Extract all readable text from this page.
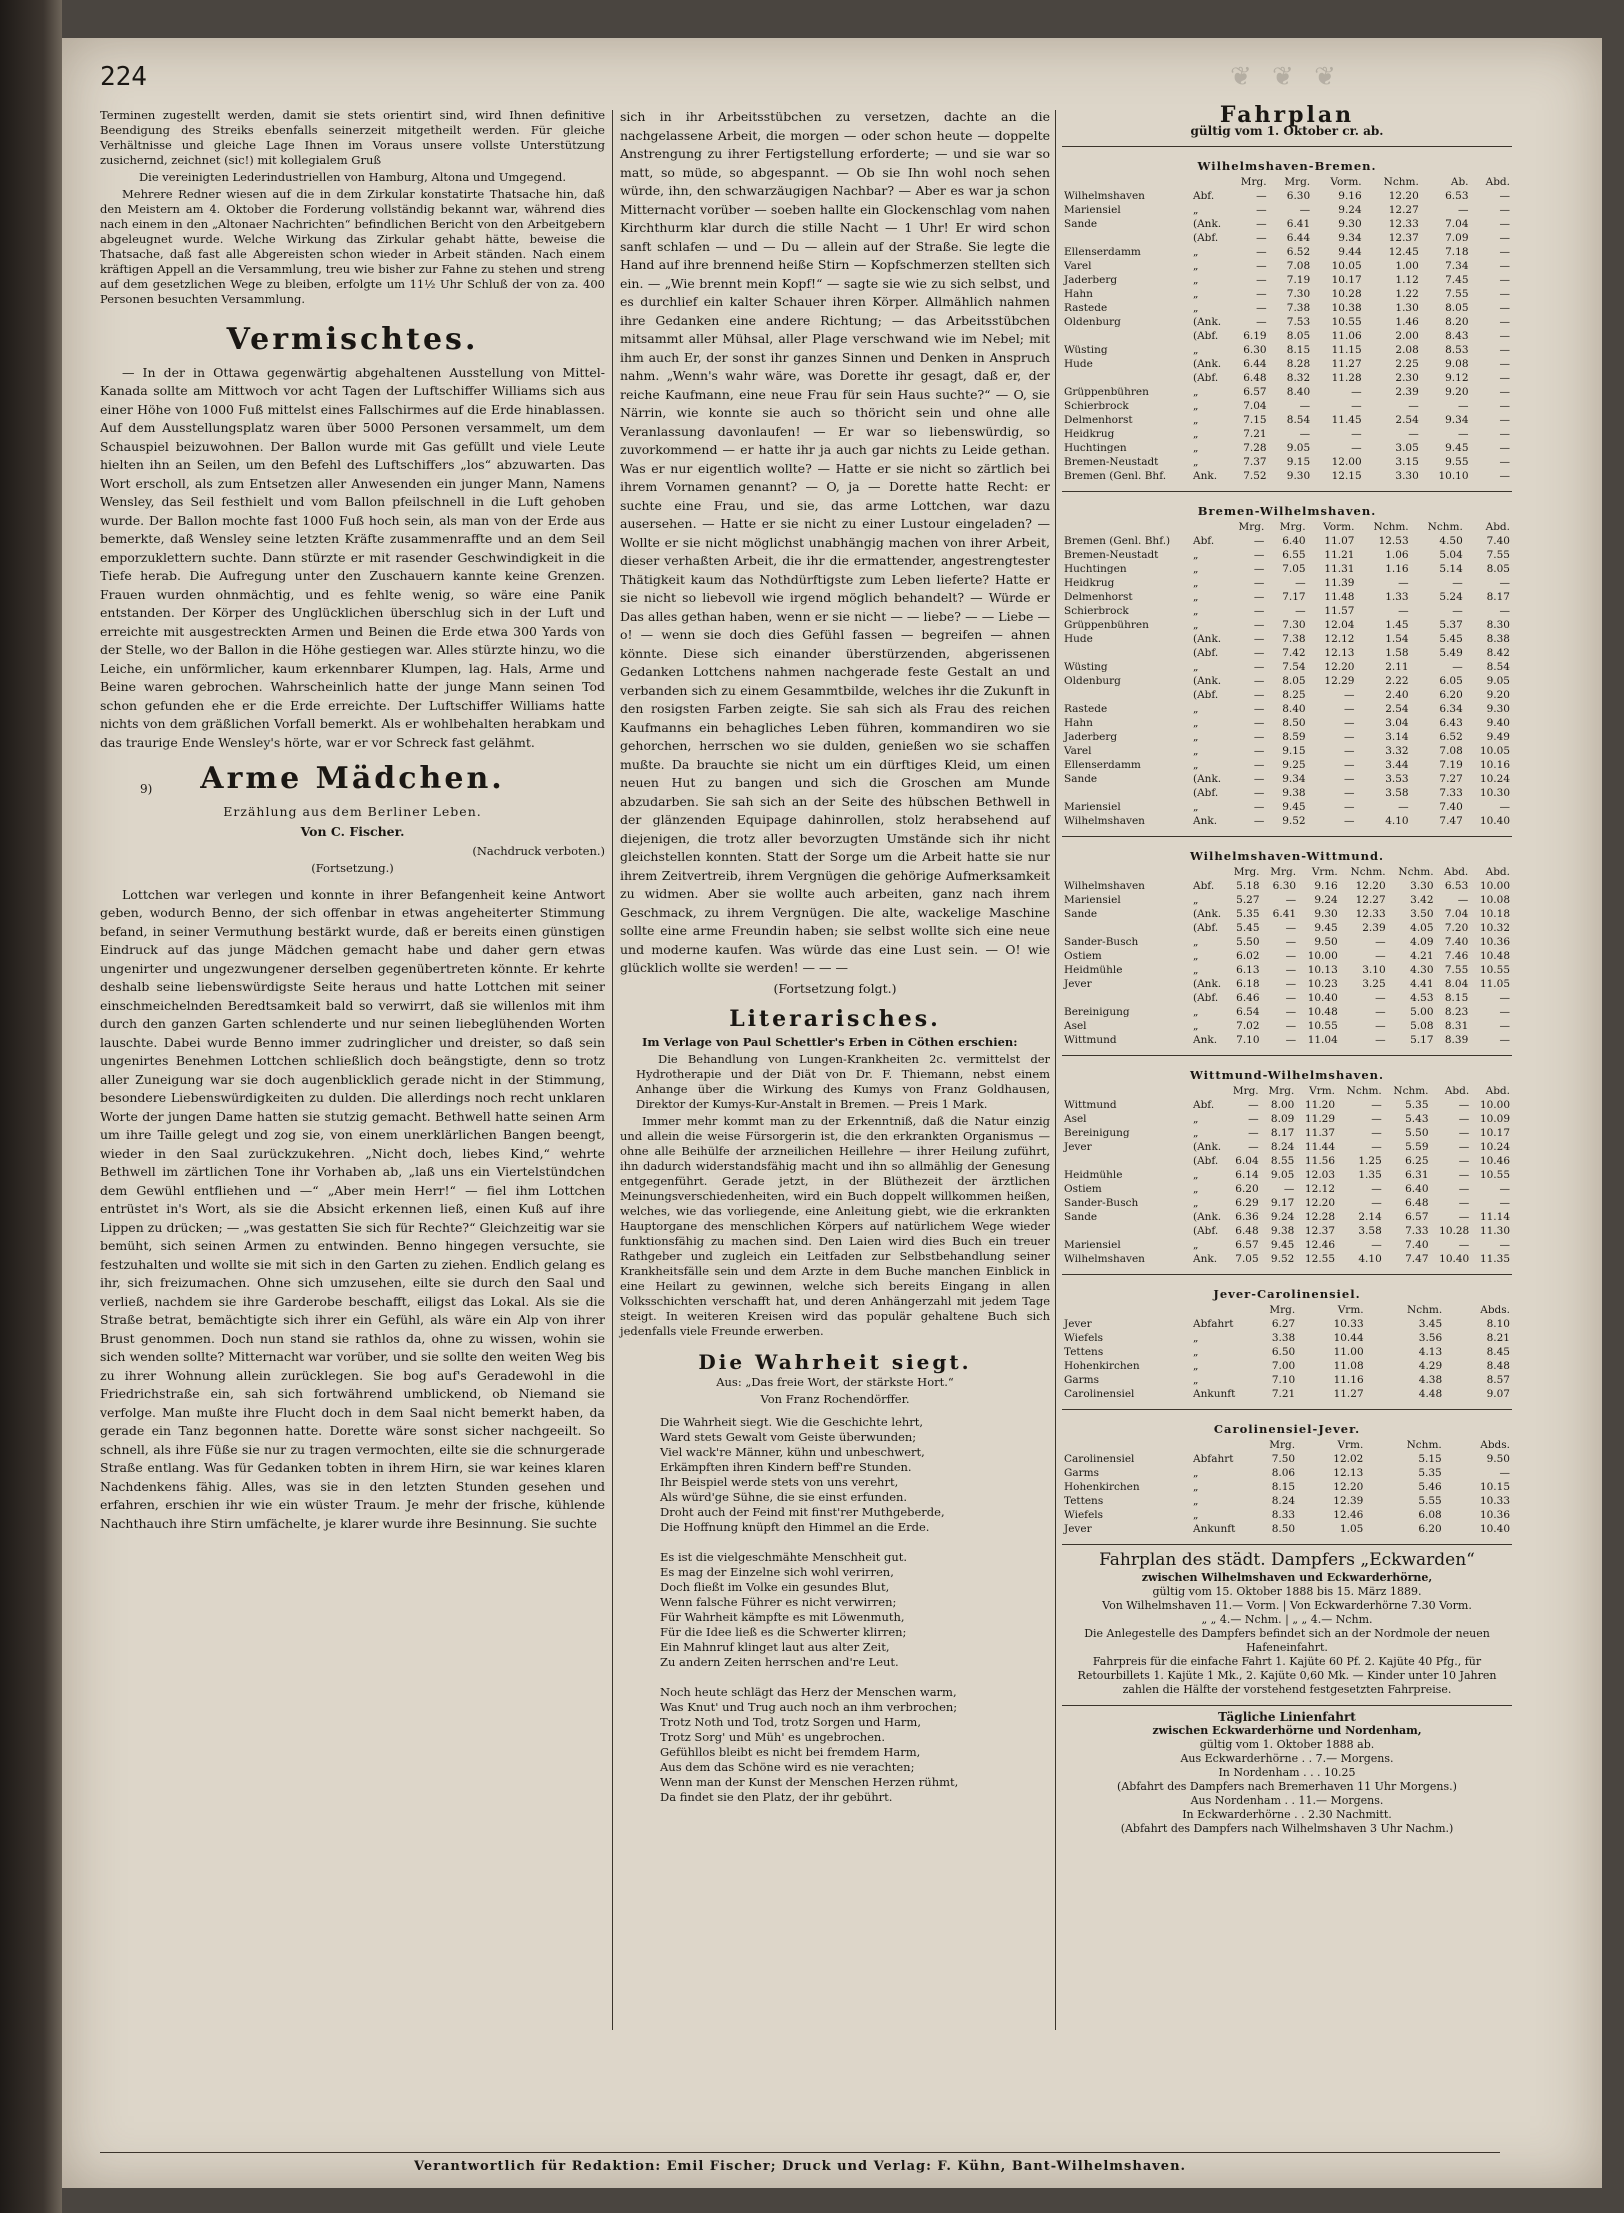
❦ ❦ ❦
224

Terminen zugestellt werden, damit sie stets orientirt sind, wird Ihnen definitive Beendigung des Streiks ebenfalls seinerzeit mitgetheilt werden. Für gleiche Verhältnisse und gleiche Lage Ihnen im Voraus unsere vollste Unterstützung zusichernd, zeichnet (sic!) mit kollegialem Gruß

Die vereinigten Lederindustriellen von Hamburg, Altona und Umgegend.

Mehrere Redner wiesen auf die in dem Zirkular konstatirte Thatsache hin, daß den Meistern am 4. Oktober die Forderung vollständig bekannt war, während dies nach einem in den „Altonaer Nachrichten“ befindlichen Bericht von den Arbeitgebern abgeleugnet wurde. Welche Wirkung das Zirkular gehabt hätte, beweise die Thatsache, daß fast alle Abgereisten schon wieder in Arbeit ständen. Nach einem kräftigen Appell an die Versammlung, treu wie bisher zur Fahne zu stehen und streng auf dem gesetzlichen Wege zu bleiben, erfolgte um 11½ Uhr Schluß der von za. 400 Personen besuchten Versammlung.

Vermischtes.

— In der in Ottawa gegenwärtig abgehaltenen Ausstellung von Mittel-Kanada sollte am Mittwoch vor acht Tagen der Luftschiffer Williams sich aus einer Höhe von 1000 Fuß mittelst eines Fallschirmes auf die Erde hinablassen. Auf dem Ausstellungsplatz waren über 5000 Personen versammelt, um dem Schauspiel beizuwohnen. Der Ballon wurde mit Gas gefüllt und viele Leute hielten ihn an Seilen, um den Befehl des Luftschiffers „los“ abzuwarten. Das Wort erscholl, als zum Entsetzen aller Anwesenden ein junger Mann, Namens Wensley, das Seil festhielt und vom Ballon pfeilschnell in die Luft gehoben wurde. Der Ballon mochte fast 1000 Fuß hoch sein, als man von der Erde aus bemerkte, daß Wensley seine letzten Kräfte zusammenraffte und an dem Seil emporzuklettern suchte. Dann stürzte er mit rasender Geschwindigkeit in die Tiefe herab. Die Aufregung unter den Zuschauern kannte keine Grenzen. Frauen wurden ohnmächtig, und es fehlte wenig, so wäre eine Panik entstanden. Der Körper des Unglücklichen überschlug sich in der Luft und erreichte mit ausgestreckten Armen und Beinen die Erde etwa 300 Yards von der Stelle, wo der Ballon in die Höhe gestiegen war. Alles stürzte hinzu, wo die Leiche, ein unförmlicher, kaum erkennbarer Klumpen, lag. Hals, Arme und Beine waren gebrochen. Wahrscheinlich hatte der junge Mann seinen Tod schon gefunden ehe er die Erde erreichte. Der Luftschiffer Williams hatte nichts von dem gräßlichen Vorfall bemerkt. Als er wohlbehalten herabkam und das traurige Ende Wensley's hörte, war er vor Schreck fast gelähmt.

9)	Arme Mädchen.

Erzählung aus dem Berliner Leben.

Von C. Fischer.

(Nachdruck verboten.)

(Fortsetzung.)

Lottchen war verlegen und konnte in ihrer Befangenheit keine Antwort geben, wodurch Benno, der sich offenbar in etwas angeheiterter Stimmung befand, in seiner Vermuthung bestärkt wurde, daß er bereits einen günstigen Eindruck auf das junge Mädchen gemacht habe und daher gern etwas ungenirter und ungezwungener derselben gegenübertreten könnte. Er kehrte deshalb seine liebenswürdigste Seite heraus und hatte Lottchen mit seiner einschmeichelnden Beredtsamkeit bald so verwirrt, daß sie willenlos mit ihm durch den ganzen Garten schlenderte und nur seinen liebeglühenden Worten lauschte. Dabei wurde Benno immer zudringlicher und dreister, so daß sein ungenirtes Benehmen Lottchen schließlich doch beängstigte, denn so trotz aller Zuneigung war sie doch augenblicklich gerade nicht in der Stimmung, besondere Liebenswürdigkeiten zu dulden. Die allerdings noch recht unklaren Worte der jungen Dame hatten sie stutzig gemacht. Bethwell hatte seinen Arm um ihre Taille gelegt und zog sie, von einem unerklärlichen Bangen beengt, wieder in den Saal zurückzukehren. „Nicht doch, liebes Kind,“ wehrte Bethwell im zärtlichen Tone ihr Vorhaben ab, „laß uns ein Viertelstündchen dem Gewühl entfliehen und —“ „Aber mein Herr!“ — fiel ihm Lottchen entrüstet in's Wort, als sie die Absicht erkennen ließ, einen Kuß auf ihre Lippen zu drücken; — „was gestatten Sie sich für Rechte?“ Gleichzeitig war sie bemüht, sich seinen Armen zu entwinden. Benno hingegen versuchte, sie festzuhalten und wollte sie mit sich in den Garten zu ziehen. Endlich gelang es ihr, sich freizumachen. Ohne sich umzusehen, eilte sie durch den Saal und verließ, nachdem sie ihre Garderobe beschafft, eiligst das Lokal. Als sie die Straße betrat, bemächtigte sich ihrer ein Gefühl, als wäre ein Alp von ihrer Brust genommen. Doch nun stand sie rathlos da, ohne zu wissen, wohin sie sich wenden sollte? Mitternacht war vorüber, und sie sollte den weiten Weg bis zu ihrer Wohnung allein zurücklegen. Sie bog auf's Geradewohl in die Friedrichstraße ein, sah sich fortwährend umblickend, ob Niemand sie verfolge. Man mußte ihre Flucht doch in dem Saal nicht bemerkt haben, da gerade ein Tanz begonnen hatte. Dorette wäre sonst sicher nachgeeilt. So schnell, als ihre Füße sie nur zu tragen vermochten, eilte sie die schnurgerade Straße entlang. Was für Gedanken tobten in ihrem Hirn, sie war keines klaren Nachdenkens fähig. Alles, was sie in den letzten Stunden gesehen und erfahren, erschien ihr wie ein wüster Traum. Je mehr der frische, kühlende Nachthauch ihre Stirn umfächelte, je klarer wurde ihre Besinnung. Sie suchte

sich in ihr Arbeitsstübchen zu versetzen, dachte an die nachgelassene Arbeit, die morgen — oder schon heute — doppelte Anstrengung zu ihrer Fertigstellung erforderte; — und sie war so matt, so müde, so abgespannt. — Ob sie Ihn wohl noch sehen würde, ihn, den schwarzäugigen Nachbar? — Aber es war ja schon Mitternacht vorüber — soeben hallte ein Glockenschlag vom nahen Kirchthurm klar durch die stille Nacht — 1 Uhr! Er wird schon sanft schlafen — und — Du — allein auf der Straße. Sie legte die Hand auf ihre brennend heiße Stirn — Kopfschmerzen stellten sich ein. — „Wie brennt mein Kopf!“ — sagte sie wie zu sich selbst, und es durchlief ein kalter Schauer ihren Körper. Allmählich nahmen ihre Gedanken eine andere Richtung; — das Arbeitsstübchen mitsammt aller Mühsal, aller Plage verschwand wie im Nebel; mit ihm auch Er, der sonst ihr ganzes Sinnen und Denken in Anspruch nahm. „Wenn's wahr wäre, was Dorette ihr gesagt, daß er, der reiche Kaufmann, eine neue Frau für sein Haus suchte?“ — O, sie Närrin, wie konnte sie auch so thöricht sein und ohne alle Veranlassung davonlaufen! — Er war so liebenswürdig, so zuvorkommend — er hatte ihr ja auch gar nichts zu Leide gethan. Was er nur eigentlich wollte? — Hatte er sie nicht so zärtlich bei ihrem Vornamen genannt? — O, ja — Dorette hatte Recht: er suchte eine Frau, und sie, das arme Lottchen, war dazu ausersehen. — Hatte er sie nicht zu einer Lustour eingeladen? — Wollte er sie nicht möglichst unabhängig machen von ihrer Arbeit, dieser verhaßten Arbeit, die ihr die ermattender, angestrengtester Thätigkeit kaum das Nothdürftigste zum Leben lieferte? Hatte er sie nicht so liebevoll wie irgend möglich behandelt? — Würde er Das alles gethan haben, wenn er sie nicht — — liebe? — — Liebe — o! — wenn sie doch dies Gefühl fassen — begreifen — ahnen könnte. Diese sich einander überstürzenden, abgerissenen Gedanken Lottchens nahmen nachgerade feste Gestalt an und verbanden sich zu einem Gesammtbilde, welches ihr die Zukunft in den rosigsten Farben zeigte. Sie sah sich als Frau des reichen Kaufmanns ein behagliches Leben führen, kommandiren wo sie gehorchen, herrschen wo sie dulden, genießen wo sie schaffen mußte. Da brauchte sie nicht um ein dürftiges Kleid, um einen neuen Hut zu bangen und sich die Groschen am Munde abzudarben. Sie sah sich an der Seite des hübschen Bethwell in der glänzenden Equipage dahinrollen, stolz herabsehend auf diejenigen, die trotz aller bevorzugten Umstände sich ihr nicht gleichstellen konnten. Statt der Sorge um die Arbeit hatte sie nur ihrem Zeitvertreib, ihrem Vergnügen die gehörige Aufmerksamkeit zu widmen. Aber sie wollte auch arbeiten, ganz nach ihrem Geschmack, zu ihrem Vergnügen. Die alte, wackelige Maschine sollte eine arme Freundin haben; sie selbst wollte sich eine neue und moderne kaufen. Was würde das eine Lust sein. — O! wie glücklich wollte sie werden! — — —

(Fortsetzung folgt.)

Literarisches.

Im Verlage von Paul Schettler's Erben in Cöthen erschien:

Die Behandlung von Lungen-Krankheiten 2c. vermittelst der Hydrotherapie und der Diät von Dr. F. Thiemann, nebst einem Anhange über die Wirkung des Kumys von Franz Goldhausen, Direktor der Kumys-Kur-Anstalt in Bremen. — Preis 1 Mark.

Immer mehr kommt man zu der Erkenntniß, daß die Natur einzig und allein die weise Fürsorgerin ist, die den erkrankten Organismus — ohne alle Beihülfe der arzneilichen Heillehre — ihrer Heilung zuführt, ihn dadurch widerstandsfähig macht und ihn so allmählig der Genesung entgegenführt. Gerade jetzt, in der Blüthezeit der ärztlichen Meinungsverschiedenheiten, wird ein Buch doppelt willkommen heißen, welches, wie das vorliegende, eine Anleitung giebt, wie die erkrankten Hauptorgane des menschlichen Körpers auf natürlichem Wege wieder funktionsfähig zu machen sind. Den Laien wird dies Buch ein treuer Rathgeber und zugleich ein Leitfaden zur Selbstbehandlung seiner Krankheitsfälle sein und dem Arzte in dem Buche manchen Einblick in eine Heilart zu gewinnen, welche sich bereits Eingang in allen Volksschichten verschafft hat, und deren Anhängerzahl mit jedem Tage steigt. In weiteren Kreisen wird das populär gehaltene Buch sich jedenfalls viele Freunde erwerben.

Die Wahrheit siegt.

Aus: „Das freie Wort, der stärkste Hort.“

Von Franz Rochendörffer.

Die Wahrheit siegt. Wie die Geschichte lehrt,
Ward stets Gewalt vom Geiste überwunden;
Viel wack're Männer, kühn und unbeschwert,
Erkämpften ihren Kindern beff're Stunden.
Ihr Beispiel werde stets von uns verehrt,
Als würd'ge Sühne, die sie einst erfunden.
Droht auch der Feind mit finst'rer Muthgeberde,
Die Hoffnung knüpft den Himmel an die Erde.

Es ist die vielgeschmähte Menschheit gut.
Es mag der Einzelne sich wohl verirren,
Doch fließt im Volke ein gesundes Blut,
Wenn falsche Führer es nicht verwirren;
Für Wahrheit kämpfte es mit Löwenmuth,
Für die Idee ließ es die Schwerter klirren;
Ein Mahnruf klinget laut aus alter Zeit,
Zu andern Zeiten herrschen and're Leut.

Noch heute schlägt das Herz der Menschen warm,
Was Knut' und Trug auch noch an ihm verbrochen;
Trotz Noth und Tod, trotz Sorgen und Harm,
Trotz Sorg' und Müh' es ungebrochen.
Gefühllos bleibt es nicht bei fremdem Harm,
Aus dem das Schöne wird es nie verachten;
Wenn man der Kunst der Menschen Herzen rühmt,
Da findet sie den Platz, der ihr gebührt.
Fahrplan
gültig vom 1. Oktober cr. ab.
Wilhelmshaven-Bremen.
		Mrg.	Mrg.	Vorm.	Nchm.	Ab.	Abd.
Wilhelmshaven	Abf.	—	6.30	9.16	12.20	6.53	—
Mariensiel	„	—	—	9.24	12.27	—	—
Sande	(Ank.	—	6.41	9.30	12.33	7.04	—
	(Abf.	—	6.44	9.34	12.37	7.09	—
Ellenserdamm	„	—	6.52	9.44	12.45	7.18	—
Varel	„	—	7.08	10.05	1.00	7.34	—
Jaderberg	„	—	7.19	10.17	1.12	7.45	—
Hahn	„	—	7.30	10.28	1.22	7.55	—
Rastede	„	—	7.38	10.38	1.30	8.05	—
Oldenburg	(Ank.	—	7.53	10.55	1.46	8.20	—
	(Abf.	6.19	8.05	11.06	2.00	8.43	—
Wüsting	„	6.30	8.15	11.15	2.08	8.53	—
Hude	(Ank.	6.44	8.28	11.27	2.25	9.08	—
	(Abf.	6.48	8.32	11.28	2.30	9.12	—
Grüppenbühren	„	6.57	8.40	—	2.39	9.20	—
Schierbrock	„	7.04	—	—	—	—	—
Delmenhorst	„	7.15	8.54	11.45	2.54	9.34	—
Heidkrug	„	7.21	—	—	—	—	—
Huchtingen	„	7.28	9.05	—	3.05	9.45	—
Bremen-Neustadt	„	7.37	9.15	12.00	3.15	9.55	—
Bremen (Genl. Bhf.	Ank.	7.52	9.30	12.15	3.30	10.10	—
Bremen-Wilhelmshaven.
		Mrg.	Mrg.	Vorm.	Nchm.	Nchm.	Abd.
Bremen (Genl. Bhf.)	Abf.	—	6.40	11.07	12.53	4.50	7.40
Bremen-Neustadt	„	—	6.55	11.21	1.06	5.04	7.55
Huchtingen	„	—	7.05	11.31	1.16	5.14	8.05
Heidkrug	„	—	—	11.39	—	—	—
Delmenhorst	„	—	7.17	11.48	1.33	5.24	8.17
Schierbrock	„	—	—	11.57	—	—	—
Grüppenbühren	„	—	7.30	12.04	1.45	5.37	8.30
Hude	(Ank.	—	7.38	12.12	1.54	5.45	8.38
	(Abf.	—	7.42	12.13	1.58	5.49	8.42
Wüsting	„	—	7.54	12.20	2.11	—	8.54
Oldenburg	(Ank.	—	8.05	12.29	2.22	6.05	9.05
	(Abf.	—	8.25	—	2.40	6.20	9.20
Rastede	„	—	8.40	—	2.54	6.34	9.30
Hahn	„	—	8.50	—	3.04	6.43	9.40
Jaderberg	„	—	8.59	—	3.14	6.52	9.49
Varel	„	—	9.15	—	3.32	7.08	10.05
Ellenserdamm	„	—	9.25	—	3.44	7.19	10.16
Sande	(Ank.	—	9.34	—	3.53	7.27	10.24
	(Abf.	—	9.38	—	3.58	7.33	10.30
Mariensiel	„	—	9.45	—	—	7.40	—
Wilhelmshaven	Ank.	—	9.52	—	4.10	7.47	10.40
Wilhelmshaven-Wittmund.
		Mrg.	Mrg.	Vrm.	Nchm.	Nchm.	Abd.	Abd.
Wilhelmshaven	Abf.	5.18	6.30	9.16	12.20	3.30	6.53	10.00
Mariensiel	„	5.27	—	9.24	12.27	3.42	—	10.08
Sande	(Ank.	5.35	6.41	9.30	12.33	3.50	7.04	10.18
	(Abf.	5.45	—	9.45	2.39	4.05	7.20	10.32
Sander-Busch	„	5.50	—	9.50	—	4.09	7.40	10.36
Ostiem	„	6.02	—	10.00	—	4.21	7.46	10.48
Heidmühle	„	6.13	—	10.13	3.10	4.30	7.55	10.55
Jever	(Ank.	6.18	—	10.23	3.25	4.41	8.04	11.05
	(Abf.	6.46	—	10.40	—	4.53	8.15	—
Bereinigung	„	6.54	—	10.48	—	5.00	8.23	—
Asel	„	7.02	—	10.55	—	5.08	8.31	—
Wittmund	Ank.	7.10	—	11.04	—	5.17	8.39	—
Wittmund-Wilhelmshaven.
		Mrg.	Mrg.	Vrm.	Nchm.	Nchm.	Abd.	Abd.
Wittmund	Abf.	—	8.00	11.20	—	5.35	—	10.00
Asel	„	—	8.09	11.29	—	5.43	—	10.09
Bereinigung	„	—	8.17	11.37	—	5.50	—	10.17
Jever	(Ank.	—	8.24	11.44	—	5.59	—	10.24
	(Abf.	6.04	8.55	11.56	1.25	6.25	—	10.46
Heidmühle	„	6.14	9.05	12.03	1.35	6.31	—	10.55
Ostiem	„	6.20	—	12.12	—	6.40	—	—
Sander-Busch	„	6.29	9.17	12.20	—	6.48	—	—
Sande	(Ank.	6.36	9.24	12.28	2.14	6.57	—	11.14
	(Abf.	6.48	9.38	12.37	3.58	7.33	10.28	11.30
Mariensiel	„	6.57	9.45	12.46	—	7.40	—	—
Wilhelmshaven	Ank.	7.05	9.52	12.55	4.10	7.47	10.40	11.35
Jever-Carolinensiel.
		Mrg.	Vrm.	Nchm.	Abds.
Jever	Abfahrt	6.27	10.33	3.45	8.10
Wiefels	„	3.38	10.44	3.56	8.21
Tettens	„	6.50	11.00	4.13	8.45
Hohenkirchen	„	7.00	11.08	4.29	8.48
Garms	„	7.10	11.16	4.38	8.57
Carolinensiel	Ankunft	7.21	11.27	4.48	9.07
Carolinensiel-Jever.
		Mrg.	Vrm.	Nchm.	Abds.
Carolinensiel	Abfahrt	7.50	12.02	5.15	9.50
Garms	„	8.06	12.13	5.35	—
Hohenkirchen	„	8.15	12.20	5.46	10.15
Tettens	„	8.24	12.39	5.55	10.33
Wiefels	„	8.33	12.46	6.08	10.36
Jever	Ankunft	8.50	1.05	6.20	10.40
Fahrplan des städt. Dampfers „Eckwarden“
zwischen Wilhelmshaven und Eckwarderhörne,
gültig vom 15. Oktober 1888 bis 15. März 1889.
Von Wilhelmshaven 11.— Vorm. | Von Eckwarderhörne 7.30 Vorm.
„ „ 4.— Nchm. | „ „ 4.— Nchm.
Die Anlegestelle des Dampfers befindet sich an der Nordmole der neuen Hafeneinfahrt.
Fahrpreis für die einfache Fahrt 1. Kajüte 60 Pf. 2. Kajüte 40 Pfg., für Retourbillets 1. Kajüte 1 Mk., 2. Kajüte 0,60 Mk. — Kinder unter 10 Jahren zahlen die Hälfte der vorstehend festgesetzten Fahrpreise.
Tägliche Linienfahrt
zwischen Eckwarderhörne und Nordenham,
gültig vom 1. Oktober 1888 ab.
Aus Eckwarderhörne . . 7.— Morgens.
In Nordenham . . . 10.25
(Abfahrt des Dampfers nach Bremerhaven 11 Uhr Morgens.)
Aus Nordenham . . 11.— Morgens.
In Eckwarderhörne . . 2.30 Nachmitt.
(Abfahrt des Dampfers nach Wilhelmshaven 3 Uhr Nachm.)
Verantwortlich für Redaktion: Emil Fischer; Druck und Verlag: F. Kühn, Bant-Wilhelmshaven.
